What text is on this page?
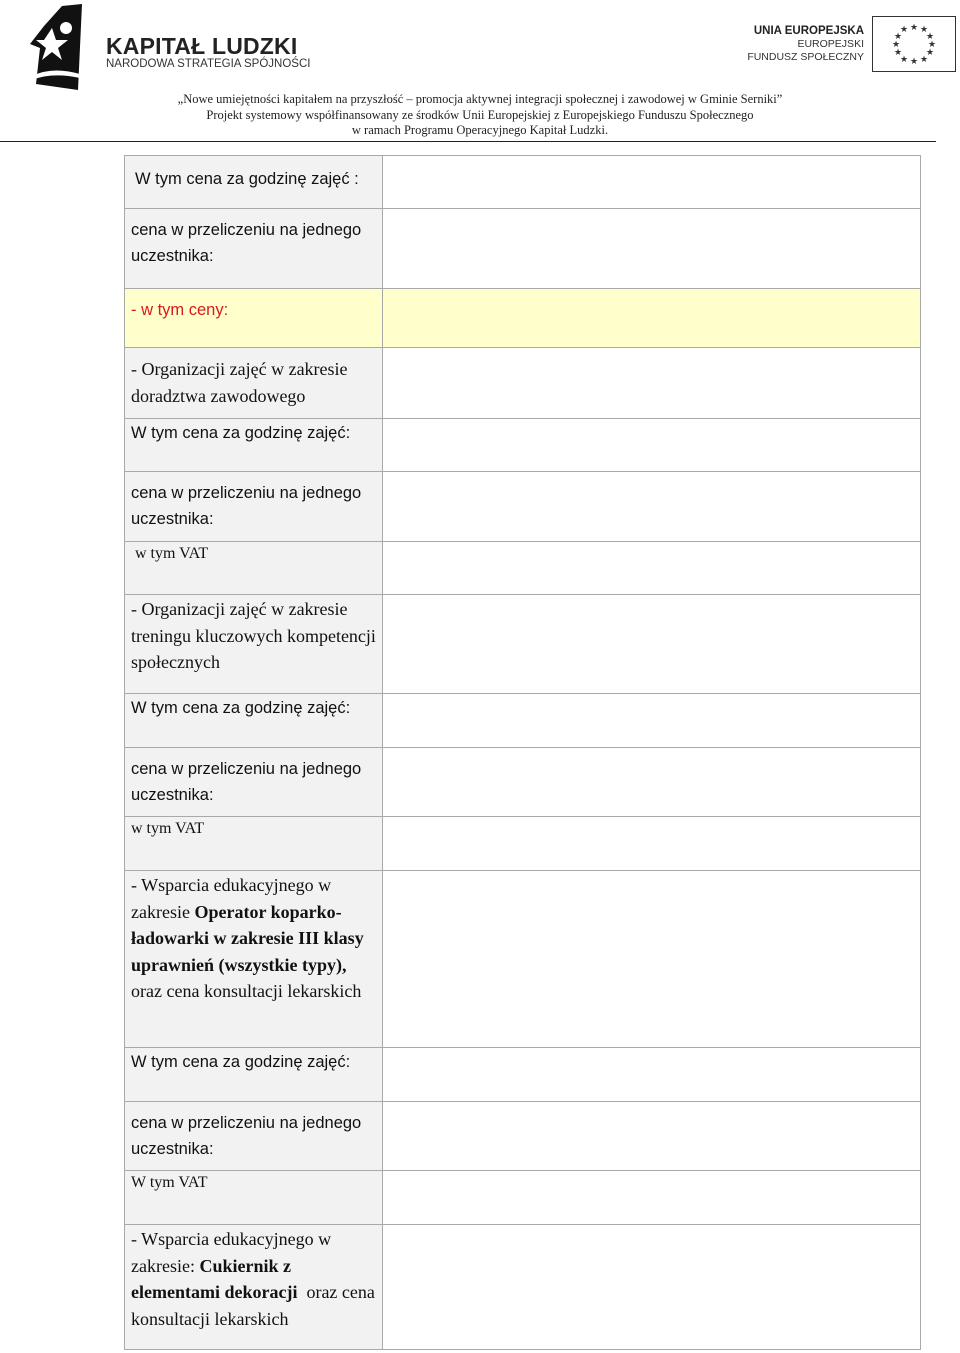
KAPITAŁ LUDZKI
NARODOWA STRATEGIA SPÓJNOŚCI
UNIA EUROPEJSKA
EUROPEJSKI
FUNDUSZ SPOŁECZNY
★ ★
★
★
★
★
★
★
★
★
★
★
„Nowe umiejętności kapitałem na przyszłość – promocja aktywnej integracji społecznej i zawodowej w Gminie Serniki”
Projekt systemowy współfinansowany ze środków Unii Europejskiej z Europejskiego Funduszu Społecznego
w ramach Programu Operacyjnego Kapitał Ludzki.
W tym cena za godzinę zajęć :	

cena w przeliczeniu na jednego uczestnika:	

- w tym ceny:	

- Organizacji zajęć w zakresie doradztwa zawodowego	

W tym cena za godzinę zajęć:	

cena w przeliczeniu na jednego uczestnika:	

w tym VAT	

- Organizacji zajęć w zakresie treningu kluczowych kompetencji społecznych	

W tym cena za godzinę zajęć:	

cena w przeliczeniu na jednego uczestnika:	

w tym VAT	

- Wsparcia edukacyjnego w zakresie Operator koparko-ładowarki w zakresie III klasy uprawnień (wszystkie typy), oraz cena konsultacji lekarskich	

W tym cena za godzinę zajęć:	

cena w przeliczeniu na jednego uczestnika:	

W tym VAT	

- Wsparcia edukacyjnego w zakresie: Cukiernik z elementami dekoracji  oraz cena konsultacji lekarskich	
